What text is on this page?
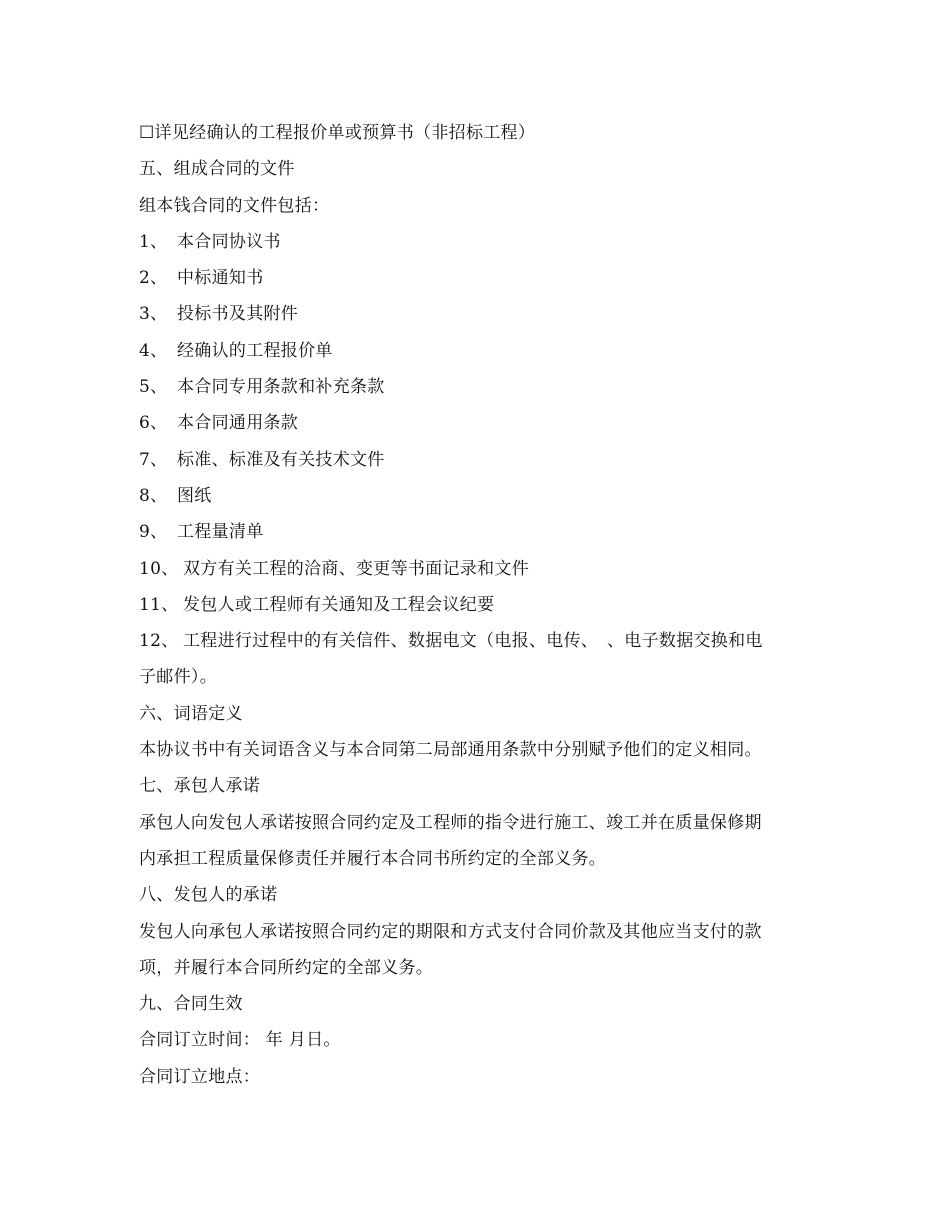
☐详见经确认的工程报价单或预算书（非招标工程）
五、组成合同的文件
组本钱合同的文件包括：
1、 本合同协议书
2、 中标通知书
3、 投标书及其附件
4、 经确认的工程报价单
5、 本合同专用条款和补充条款
6、 本合同通用条款
7、 标准、标准及有关技术文件
8、 图纸
9、 工程量清单
10、 双方有关工程的洽商、变更等书面记录和文件
11、 发包人或工程师有关通知及工程会议纪要
12、 工程进行过程中的有关信件、数据电文（电报、电传、　、电子数据交换和电
子邮件）。
六、词语定义
本协议书中有关词语含义与本合同第二局部通用条款中分别赋予他们的定义相同。
七、承包人承诺
承包人向发包人承诺按照合同约定及工程师的指令进行施工、竣工并在质量保修期
内承担工程质量保修责任并履行本合同书所约定的全部义务。
八、发包人的承诺
发包人向承包人承诺按照合同约定的期限和方式支付合同价款及其他应当支付的款
项，并履行本合同所约定的全部义务。
九、合同生效
合同订立时间： 年 月日。
合同订立地点：
